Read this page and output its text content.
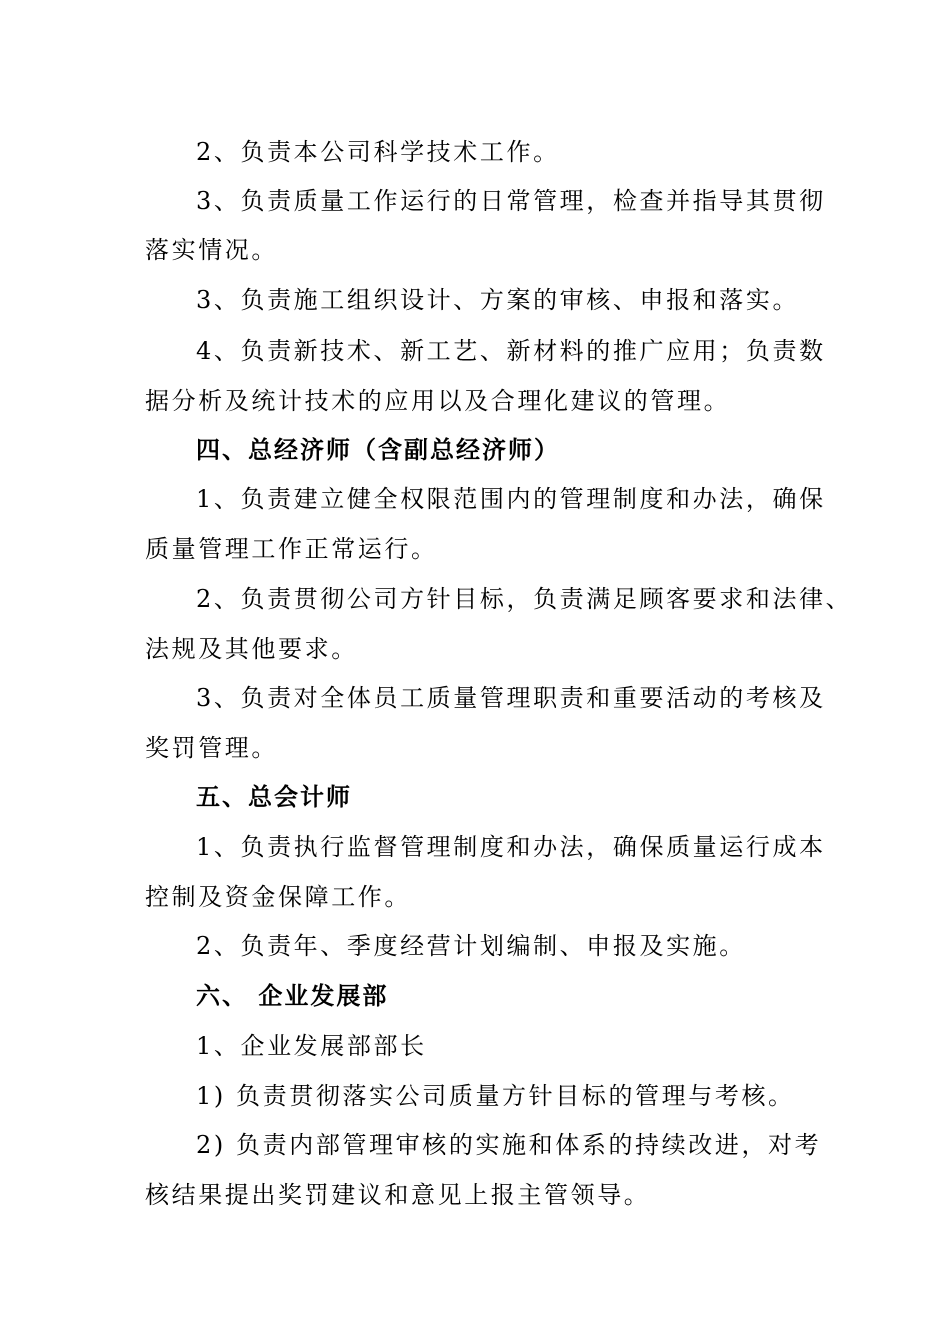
2、负责本公司科学技术工作。
3、负责质量工作运行的日常管理，检查并指导其贯彻
落实情况。
3、负责施工组织设计、方案的审核、申报和落实。
4、负责新技术、新工艺、新材料的推广应用；负责数
据分析及统计技术的应用以及合理化建议的管理。
四、总经济师（含副总经济师）
1、负责建立健全权限范围内的管理制度和办法，确保
质量管理工作正常运行。
2、负责贯彻公司方针目标，负责满足顾客要求和法律、
法规及其他要求。
3、负责对全体员工质量管理职责和重要活动的考核及
奖罚管理。
五、总会计师
1、负责执行监督管理制度和办法，确保质量运行成本
控制及资金保障工作。
2、负责年、季度经营计划编制、申报及实施。
六、 企业发展部
1、企业发展部部长
1) 负责贯彻落实公司质量方针目标的管理与考核。
2) 负责内部管理审核的实施和体系的持续改进，对考
核结果提出奖罚建议和意见上报主管领导。
